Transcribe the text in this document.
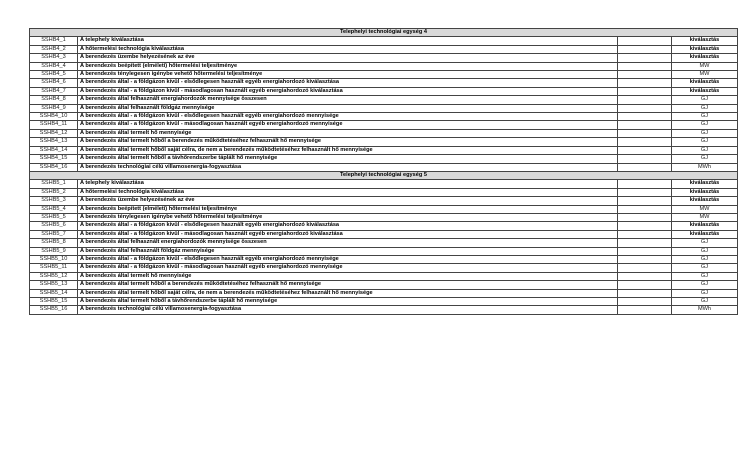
Telephelyi technológiai egység 4			
SSHB4_1	A telephely kiválasztása		kiválasztás
SSHB4_2	A hőtermelési technológia kiválasztása		kiválasztás
SSHB4_3	A berendezés üzembe helyezésének az éve		kiválasztás
SSHB4_4	A berendezés beépített (elméleti) hőtermelési teljesítménye		MW
SSHB4_5	A berendezés ténylegesen igénybe vehető hőtermelési teljesítménye		MW
SSHB4_6	A berendezés által - a földgázon kívül - elsődlegesen használt egyéb energiahordozó kiválasztása		kiválasztás
SSHB4_7	A berendezés által - a földgázon kívül - másodlagosan használt egyéb energiahordozó kiválasztása		kiválasztás
SSHB4_8	A berendezés által felhasznált energiahordozók mennyisége összesen		GJ
SSHB4_9	A berendezés által felhasznált földgáz mennyisége		GJ
SSHB4_10	A berendezés által - a földgázon kívül - elsődlegesen használt egyéb energiahordozó mennyisége		GJ
SSHB4_11	A berendezés által - a földgázon kívül - másodlagosan használt egyéb energiahordozó mennyisége		GJ
SSHB4_12	A berendezés által termelt hő mennyisége		GJ
SSHB4_13	A berendezés által termelt hőből a berendezés működtetéséhez felhasznált hő mennyisége		GJ
SSHB4_14	A berendezés által termelt hőből saját célra, de nem a berendezés működtetéséhez felhasznált hő mennyisége		GJ
SSHB4_15	A berendezés által termelt hőből a távhőrendszerbe táplált hő mennyisége		GJ
SSHB4_16	A berendezés technológiai célú villamosenergia-fogyasztása		MWh
Telephelyi technológiai egység 5			
SSHB5_1	A telephely kiválasztása		kiválasztás
SSHB5_2	A hőtermelési technológia kiválasztása		kiválasztás
SSHB5_3	A berendezés üzembe helyezésének az éve		kiválasztás
SSHB5_4	A berendezés beépített (elméleti) hőtermelési teljesítménye		MW
SSHB5_5	A berendezés ténylegesen igénybe vehető hőtermelési teljesítménye		MW
SSHB5_6	A berendezés által - a földgázon kívül - elsődlegesen használt egyéb energiahordozó kiválasztása		kiválasztás
SSHB5_7	A berendezés által - a földgázon kívül - másodlagosan használt egyéb energiahordozó kiválasztása		kiválasztás
SSHB5_8	A berendezés által felhasznált energiahordozók mennyisége összesen		GJ
SSHB5_9	A berendezés által felhasznált földgáz mennyisége		GJ
SSHB5_10	A berendezés által - a földgázon kívül - elsődlegesen használt egyéb energiahordozó mennyisége		GJ
SSHB5_11	A berendezés által - a földgázon kívül - másodlagosan használt egyéb energiahordozó mennyisége		GJ
SSHB5_12	A berendezés által termelt hő mennyisége		GJ
SSHB5_13	A berendezés által termelt hőből a berendezés működtetéséhez felhasznált hő mennyisége		GJ
SSHB5_14	A berendezés által termelt hőből saját célra, de nem a berendezés működtetéséhez felhasznált hő mennyisége		GJ
SSHB5_15	A berendezés által termelt hőből a távhőrendszerbe táplált hő mennyisége		GJ
SSHB5_16	A berendezés technológiai célú villamosenergia-fogyasztása		MWh
